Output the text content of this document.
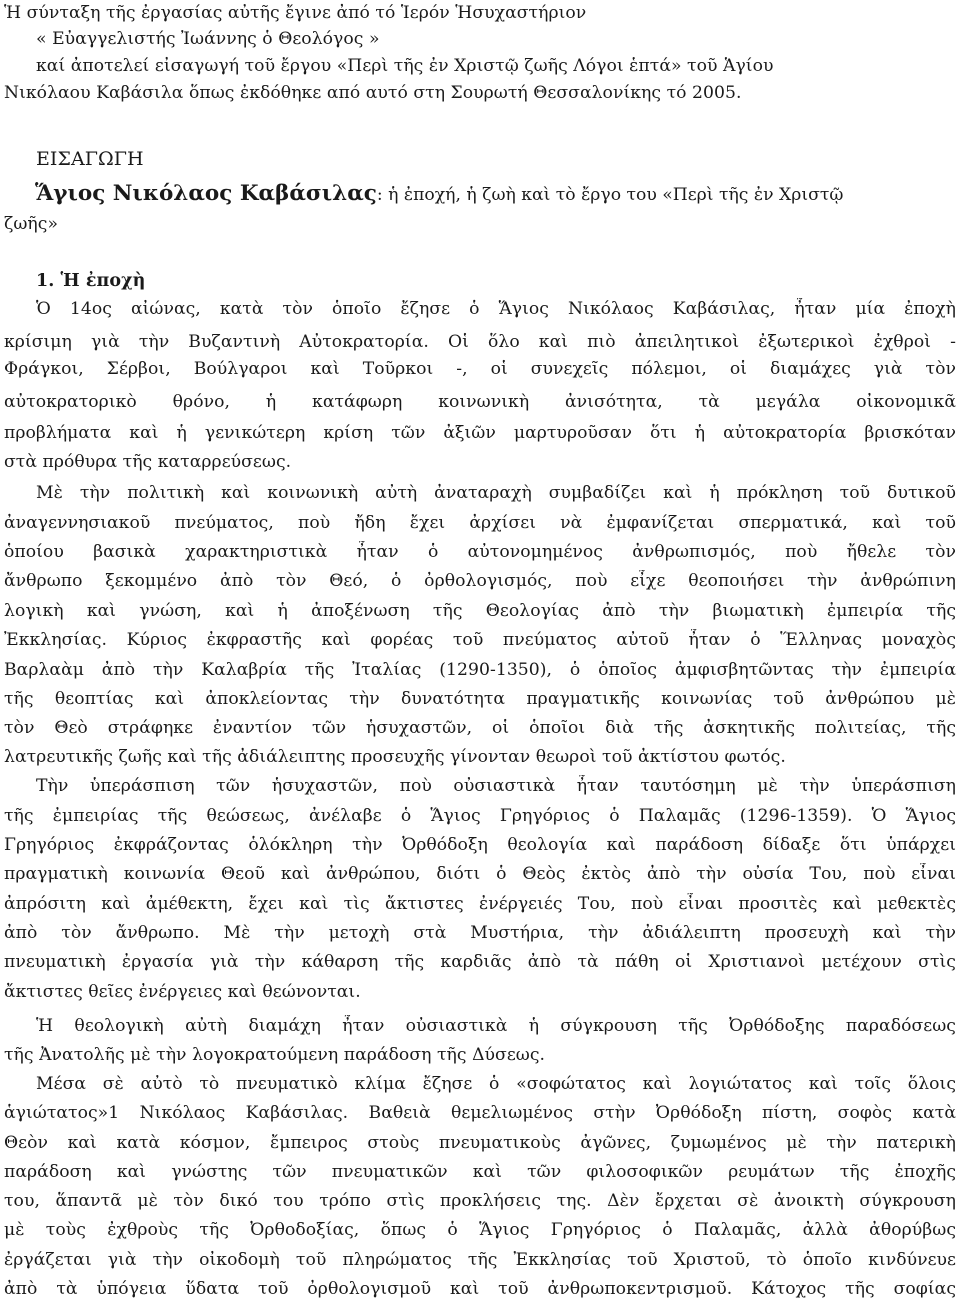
Ἡ σύνταξη τῆς ἐργασίας αὐτῆς ἔγινε ἀπό τό Ἱερόν Ἡσυχαστήριον
« Εὐαγγελιστής Ἰωάννης ὁ Θεολόγος »
καί ἀποτελεί εἰσαγωγή τοῦ ἔργου «Περὶ τῆς ἐν Χριστῷ ζωῆς Λόγοι ἑπτά» τοῦ Ἁγίου
Νικόλαου Καβάσιλα ὅπως ἐκδόθηκε από αυτό στη Σουρωτή Θεσσαλονίκης τό 2005.
ΕΙΣΑΓΩΓΗ
Ἅγιος Νικόλαος Καβάσιλας: ἡ ἐποχή, ἡ ζωὴ καὶ τὸ ἔργο του «Περὶ τῆς ἐν Χριστῷ
ζωῆς»
1. Ἡ ἐποχὴ
Ὁ 14ος αἰώνας, κατὰ τὸν ὁποῖο ἔζησε ὁ Ἅγιος Νικόλαος Καβάσιλας, ἦταν μία ἐποχὴ
κρίσιμη γιὰ τὴν Βυζαντινὴ Αὐτοκρατορία. Οἱ ὅλο καὶ πιὸ ἀπειλητικοὶ ἐξωτερικοὶ ἐχθροὶ -
Φράγκοι, Σέρβοι, Βούλγαροι καὶ Τοῦρκοι -, οἱ συνεχεῖς πόλεμοι, οἱ διαμάχες γιὰ τὸν
αὐτοκρατορικὸ θρόνο, ἡ κατάφωρη κοινωνικὴ ἀνισότητα, τὰ μεγάλα οἰκονομικᾶ
προβλήματα καὶ ἡ γενικώτερη κρίση τῶν ἀξιῶν μαρτυροῦσαν ὅτι ἡ αὐτοκρατορία βρισκόταν
στὰ πρόθυρα τῆς καταρρεύσεως.
Μὲ τὴν πολιτικὴ καὶ κοινωνικὴ αὐτὴ ἀναταραχὴ συμβαδίζει καὶ ἡ πρόκληση τοῦ δυτικοῦ
ἀναγεννησιακοῦ πνεύματος, ποὺ ἤδη ἔχει ἀρχίσει νὰ ἐμφανίζεται σπερματικά, καὶ τοῦ
ὁποίου βασικὰ χαρακτηριστικὰ ἦταν ὁ αὐτονομημένος ἀνθρωπισμός, ποὺ ἤθελε τὸν
ἄνθρωπο ξεκομμένο ἀπὸ τὸν Θεό, ὁ ὀρθολογισμός, ποὺ εἶχε θεοποιήσει τὴν ἀνθρώπινη
λογικὴ καὶ γνώση, καὶ ἡ ἀποξένωση τῆς Θεολογίας ἀπὸ τὴν βιωματικὴ ἐμπειρία τῆς
Ἐκκλησίας. Κύριος ἐκφραστῆς καὶ φορέας τοῦ πνεύματος αὐτοῦ ἦταν ὁ Ἕλληνας μοναχὸς
Βαρλαὰμ ἀπὸ τὴν Καλαβρία τῆς Ἰταλίας (1290-1350), ὁ ὁποῖος ἀμφισβητῶντας τὴν ἐμπειρία
τῆς θεοπτίας καὶ ἀποκλείοντας τὴν δυνατότητα πραγματικῆς κοινωνίας τοῦ ἀνθρώπου μὲ
τὸν Θεὸ στράφηκε ἐναντίον τῶν ἡσυχαστῶν, οἱ ὁποῖοι διὰ τῆς ἀσκητικῆς πολιτείας, τῆς
λατρευτικῆς ζωῆς καὶ τῆς ἀδιάλειπτης προσευχῆς γίνονταν θεωροὶ τοῦ ἀκτίστου φωτός.
Τὴν ὑπεράσπιση τῶν ἡσυχαστῶν, ποὺ οὐσιαστικὰ ἦταν ταυτόσημη μὲ τὴν ὑπεράσπιση
τῆς ἐμπειρίας τῆς θεώσεως, ἀνέλαβε ὁ Ἅγιος Γρηγόριος ὁ Παλαμᾶς (1296-1359). Ὁ Ἅγιος
Γρηγόριος ἐκφράζοντας ὁλόκληρη τὴν Ὀρθόδοξη θεολογία καὶ παράδοση δίδαξε ὅτι ὑπάρχει
πραγματικὴ κοινωνία Θεοῦ καὶ ἀνθρώπου, διότι ὁ Θεὸς ἐκτὸς ἀπὸ τὴν οὐσία Του, ποὺ εἶναι
ἀπρόσιτη καὶ ἀμέθεκτη, ἔχει καὶ τὶς ἄκτιστες ἐνέργειές Του, ποὺ εἶναι προσιτὲς καὶ μεθεκτὲς
ἀπὸ τὸν ἄνθρωπο. Μὲ τὴν μετοχὴ στὰ Μυστήρια, τὴν ἀδιάλειπτη προσευχὴ καὶ τὴν
πνευματικὴ ἐργασία γιὰ τὴν κάθαρση τῆς καρδιᾶς ἀπὸ τὰ πάθη οἱ Χριστιανοὶ μετέχουν στὶς
ἄκτιστες θεῖες ἐνέργειες καὶ θεώνονται.
Ἡ θεολογικὴ αὐτὴ διαμάχη ἦταν οὐσιαστικὰ ἡ σύγκρουση τῆς Ὀρθόδοξης παραδόσεως
τῆς Ἀνατολῆς μὲ τὴν λογοκρατούμενη παράδοση τῆς Δύσεως.
Μέσα σὲ αὐτὸ τὸ πνευματικὸ κλίμα ἔζησε ὁ «σοφώτατος καὶ λογιώτατος καὶ τοῖς ὅλοις
ἁγιώτατος»1 Νικόλαος Καβάσιλας. Βαθειὰ θεμελιωμένος στὴν Ὀρθόδοξη πίστη, σοφὸς κατὰ
Θεὸν καὶ κατὰ κόσμον, ἔμπειρος στοὺς πνευματικοὺς ἀγῶνες, ζυμωμένος μὲ τὴν πατερικὴ
παράδοση καὶ γνώστης τῶν πνευματικῶν καὶ τῶν φιλοσοφικῶν ρευμάτων τῆς ἐποχῆς
του, ἅπαντᾶ μὲ τὸν δικό του τρόπο στὶς προκλήσεις της. Δὲν ἔρχεται σὲ ἀνοικτὴ σύγκρουση
μὲ τοὺς ἐχθροὺς τῆς Ὀρθοδοξίας, ὅπως ὁ Ἅγιος Γρηγόριος ὁ Παλαμᾶς, ἀλλὰ ἀθορύβως
ἐργάζεται γιὰ τὴν οἰκοδομὴ τοῦ πληρώματος τῆς Ἐκκλησίας τοῦ Χριστοῦ, τὸ ὁποῖο κινδύνευε
ἀπὸ τὰ ὑπόγεια ὕδατα τοῦ ὀρθολογισμοῦ καὶ τοῦ ἀνθρωποκεντρισμοῦ. Κάτοχος τῆς σοφίας
